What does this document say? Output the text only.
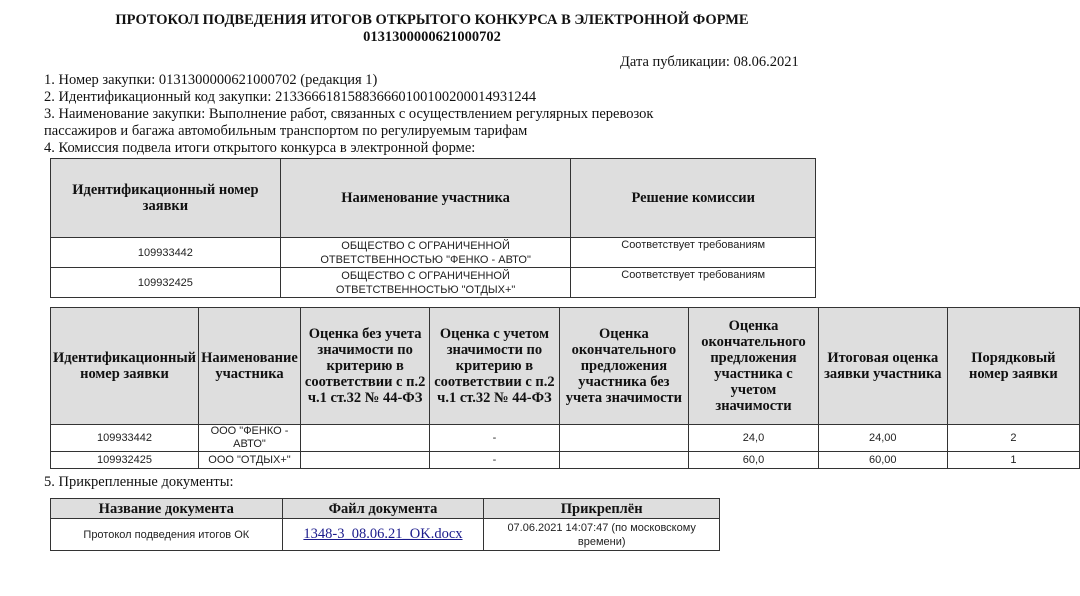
ПРОТОКОЛ ПОДВЕДЕНИЯ ИТОГОВ ОТКРЫТОГО КОНКУРСА В ЭЛЕКТРОННОЙ ФОРМЕ
0131300000621000702
Дата публикации: 08.06.2021
1. Номер закупки: 0131300000621000702 (редакция 1)
2. Идентификационный код закупки: 213366618158836660100100200014931244
3. Наименование закупки: Выполнение работ, связанных с осуществлением регулярных перевозок
пассажиров и багажа автомобильным транспортом по регулируемым тарифам
4. Комиссия подвела итоги открытого конкурса в электронной форме:
Идентификационный номер заявки	Наименование участника	Решение комиссии
109933442	ОБЩЕСТВО С ОГРАНИЧЕННОЙ ОТВЕТСТВЕННОСТЬЮ "ФЕНКО - АВТО"	Соответствует требованиям
109932425	ОБЩЕСТВО С ОГРАНИЧЕННОЙ ОТВЕТСТВЕННОСТЬЮ "ОТДЫХ+"	Соответствует требованиям
Идентификационный номер заявки	Наименование участника	Оценка без учета значимости по критерию в соответствии с п.2 ч.1 ст.32 № 44-ФЗ	Оценка с учетом значимости по критерию в соответствии с п.2 ч.1 ст.32 № 44-ФЗ	Оценка окончательного предложения участника без учета значимости	Оценка окончательного предложения участника с учетом значимости	Итоговая оценка заявки участника	Порядковый номер заявки
109933442	ООО "ФЕНКО - АВТО"		-		24,0	24,00	2
109932425	ООО "ОТДЫХ+"		-		60,0	60,00	1
5. Прикрепленные документы:
Название документа	Файл документа	Прикреплён
Протокол подведения итогов ОК	1348-3_08.06.21_OK.docx	07.06.2021 14:07:47 (по московскому времени)
